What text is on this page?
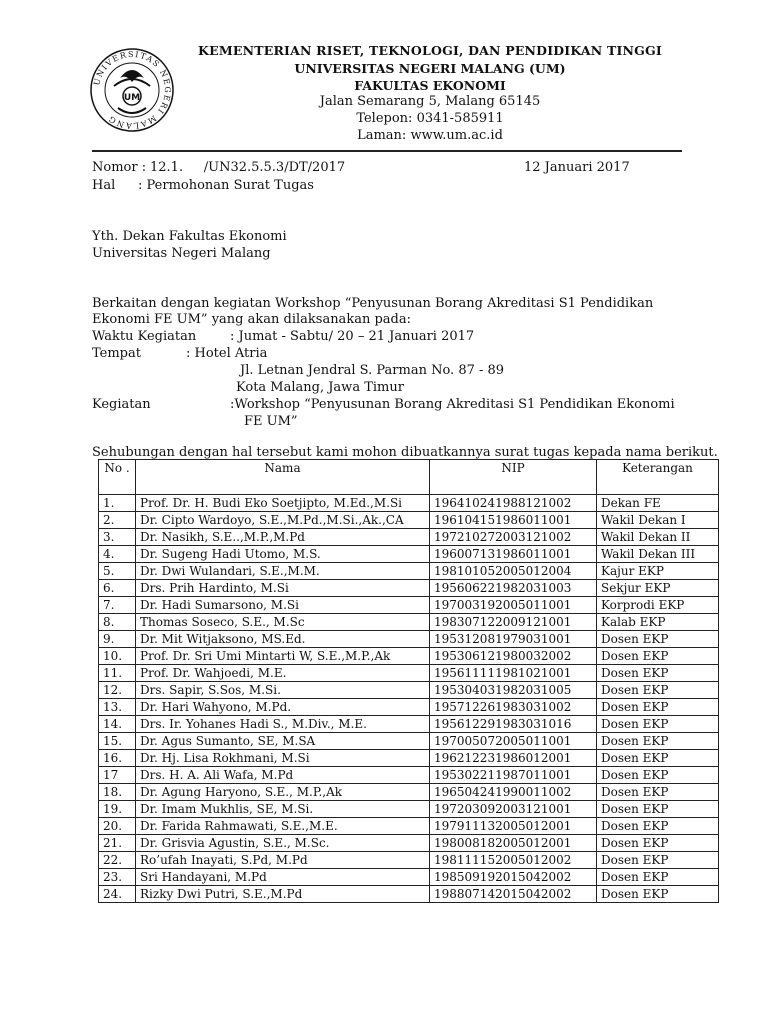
UNIVERSITAS NEGERI MALANG
UM
KEMENTERIAN RISET, TEKNOLOGI, DAN PENDIDIKAN TINGGI
UNIVERSITAS NEGERI MALANG (UM)
FAKULTAS EKONOMI
Jalan Semarang 5, Malang 65145
Telepon: 0341-585911
Laman: www.um.ac.id
Nomor : 12.1.     /UN32.5.5.3/DT/2017	12 Januari 2017
Hal : Permohonan Surat Tugas
Yth. Dekan Fakultas Ekonomi
Universitas Negeri Malang
Berkaitan dengan kegiatan Workshop “Penyusunan Borang Akreditasi S1 Pendidikan
Ekonomi FE UM” yang akan dilaksanakan pada:
Waktu Kegiatan	: Jumat - Sabtu/ 20 – 21 Januari 2017
Tempat	: Hotel Atria
Jl. Letnan Jendral S. Parman No. 87 - 89
Kota Malang, Jawa Timur
Kegiatan	:Workshop “Penyusunan Borang Akreditasi S1 Pendidikan Ekonomi
FE UM”
Sehubungan dengan hal tersebut kami mohon dibuatkannya surat tugas kepada nama berikut.
No .	Nama	NIP	Keterangan
1.	Prof. Dr. H. Budi Eko Soetjipto, M.Ed.,M.Si	196410241988121002	Dekan FE
2.	Dr. Cipto Wardoyo, S.E.,M.Pd.,M.Si.,Ak.,CA	196104151986011001	Wakil Dekan I
3.	Dr. Nasikh, S.E..,M.P.,M.Pd	197210272003121002	Wakil Dekan II
4.	Dr. Sugeng Hadi Utomo, M.S.	196007131986011001	Wakil Dekan III
5.	Dr. Dwi Wulandari, S.E.,M.M.	198101052005012004	Kajur EKP
6.	Drs. Prih Hardinto, M.Si	195606221982031003	Sekjur EKP
7.	Dr. Hadi Sumarsono, M.Si	197003192005011001	Korprodi EKP
8.	Thomas Soseco, S.E., M.Sc	198307122009121001	Kalab EKP
9.	Dr. Mit Witjaksono, MS.Ed.	195312081979031001	Dosen EKP
10.	Prof. Dr. Sri Umi Mintarti W, S.E.,M.P.,Ak	195306121980032002	Dosen EKP
11.	Prof. Dr. Wahjoedi, M.E.	195611111981021001	Dosen EKP
12.	Drs. Sapir, S.Sos, M.Si.	195304031982031005	Dosen EKP
13.	Dr. Hari Wahyono, M.Pd.	195712261983031002	Dosen EKP
14.	Drs. Ir. Yohanes Hadi S., M.Div., M.E.	195612291983031016	Dosen EKP
15.	Dr. Agus Sumanto, SE, M.SA	197005072005011001	Dosen EKP
16.	Dr. Hj. Lisa Rokhmani, M.Si	196212231986012001	Dosen EKP
17	Drs. H. A. Ali Wafa, M.Pd	195302211987011001	Dosen EKP
18.	Dr. Agung Haryono, S.E., M.P.,Ak	196504241990011002	Dosen EKP
19.	Dr. Imam Mukhlis, SE, M.Si.	197203092003121001	Dosen EKP
20.	Dr. Farida Rahmawati, S.E.,M.E.	197911132005012001	Dosen EKP
21.	Dr. Grisvia Agustin, S.E., M.Sc.	198008182005012001	Dosen EKP
22.	Ro’ufah Inayati, S.Pd, M.Pd	198111152005012002	Dosen EKP
23.	Sri Handayani, M.Pd	198509192015042002	Dosen EKP
24.	Rizky Dwi Putri, S.E.,M.Pd	198807142015042002	Dosen EKP
